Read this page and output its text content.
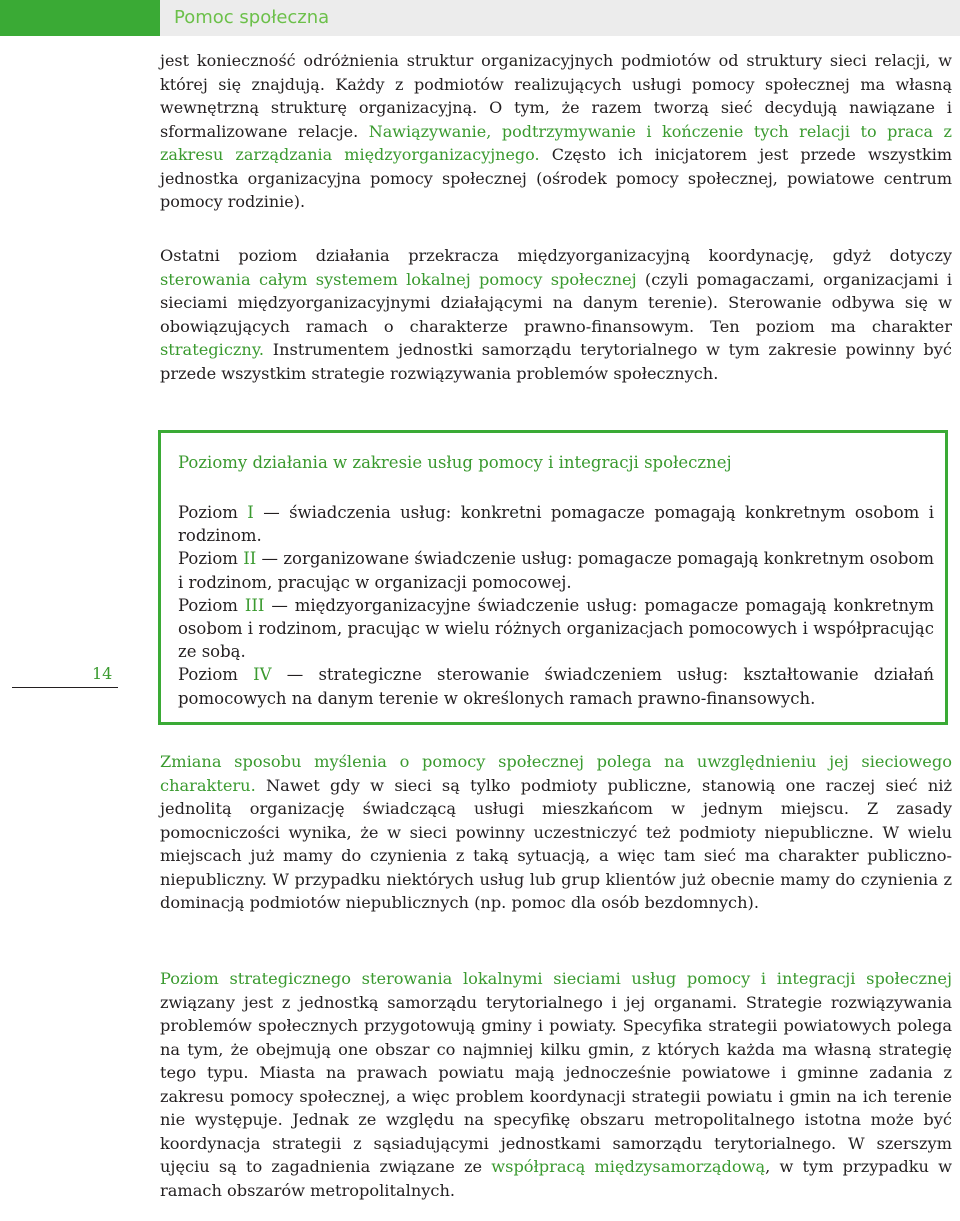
Pomoc społeczna

jest konieczność odróżnienia struktur organizacyjnych podmiotów od struktury sieci relacji, w której się znajdują. Każdy z podmiotów realizujących usługi pomocy społecznej ma własną wewnętrzną strukturę organizacyjną. O tym, że razem tworzą sieć decydują nawiązane i sformalizowane relacje. Nawiązywanie, podtrzymywanie i kończenie tych relacji to praca z zakresu zarządzania międzyorganizacyjnego. Często ich inicjatorem jest przede wszystkim jednostka organizacyjna pomocy społecznej (ośrodek pomocy społecznej, powiatowe centrum pomocy rodzinie).

Ostatni poziom działania przekracza międzyorganizacyjną koordynację, gdyż dotyczy sterowania całym systemem lokalnej pomocy społecznej (czyli pomagaczami, organizacjami i sieciami międzyorganizacyjnymi działającymi na danym terenie). Sterowanie odbywa się w obowiązujących ramach o charakterze prawno-finansowym. Ten poziom ma charakter strategiczny. Instrumentem jednostki samorządu terytorialnego w tym zakresie powinny być przede wszystkim strategie rozwiązywania problemów społecznych.

Poziomy działania w zakresie usług pomocy i integracji społecznej
Poziom I — świadczenia usług: konkretni pomagacze pomagają konkretnym osobom i rodzinom.
Poziom II — zorganizowane świadczenie usług: pomagacze pomagają konkretnym osobom i rodzinom, pracując w organizacji pomocowej.
Poziom III — międzyorganizacyjne świadczenie usług: pomagacze pomagają konkretnym osobom i rodzinom, pracując w wielu różnych organizacjach pomocowych i współpracując ze sobą.
Poziom IV — strategiczne sterowanie świadczeniem usług: kształtowanie działań pomocowych na danym terenie w określonych ramach prawno-finansowych.
14

Zmiana sposobu myślenia o pomocy społecznej polega na uwzględnieniu jej sieciowego charakteru. Nawet gdy w sieci są tylko podmioty publiczne, stanowią one raczej sieć niż jednolitą organizację świadczącą usługi mieszkańcom w jednym miejscu. Z zasady pomocniczości wynika, że w sieci powinny uczestniczyć też podmioty niepubliczne. W wielu miejscach już mamy do czynienia z taką sytuacją, a więc tam sieć ma charakter publiczno-niepubliczny. W przypadku niektórych usług lub grup klientów już obecnie mamy do czynienia z dominacją podmiotów niepublicznych (np. pomoc dla osób bezdomnych).

Poziom strategicznego sterowania lokalnymi sieciami usług pomocy i integracji społecznej związany jest z jednostką samorządu terytorialnego i jej organami. Strategie rozwiązywania problemów społecznych przygotowują gminy i powiaty. Specyfika strategii powiatowych polega na tym, że obejmują one obszar co najmniej kilku gmin, z których każda ma własną strategię tego typu. Miasta na prawach powiatu mają jednocześnie powiatowe i gminne zadania z zakresu pomocy społecznej, a więc problem koordynacji strategii powiatu i gmin na ich terenie nie występuje. Jednak ze względu na specyfikę obszaru metropolitalnego istotna może być koordynacja strategii z sąsiadującymi jednostkami samorządu terytorialnego. W szerszym ujęciu są to zagadnienia związane ze współpracą międzysamorządową, w tym przypadku w ramach obszarów metropolitalnych.
